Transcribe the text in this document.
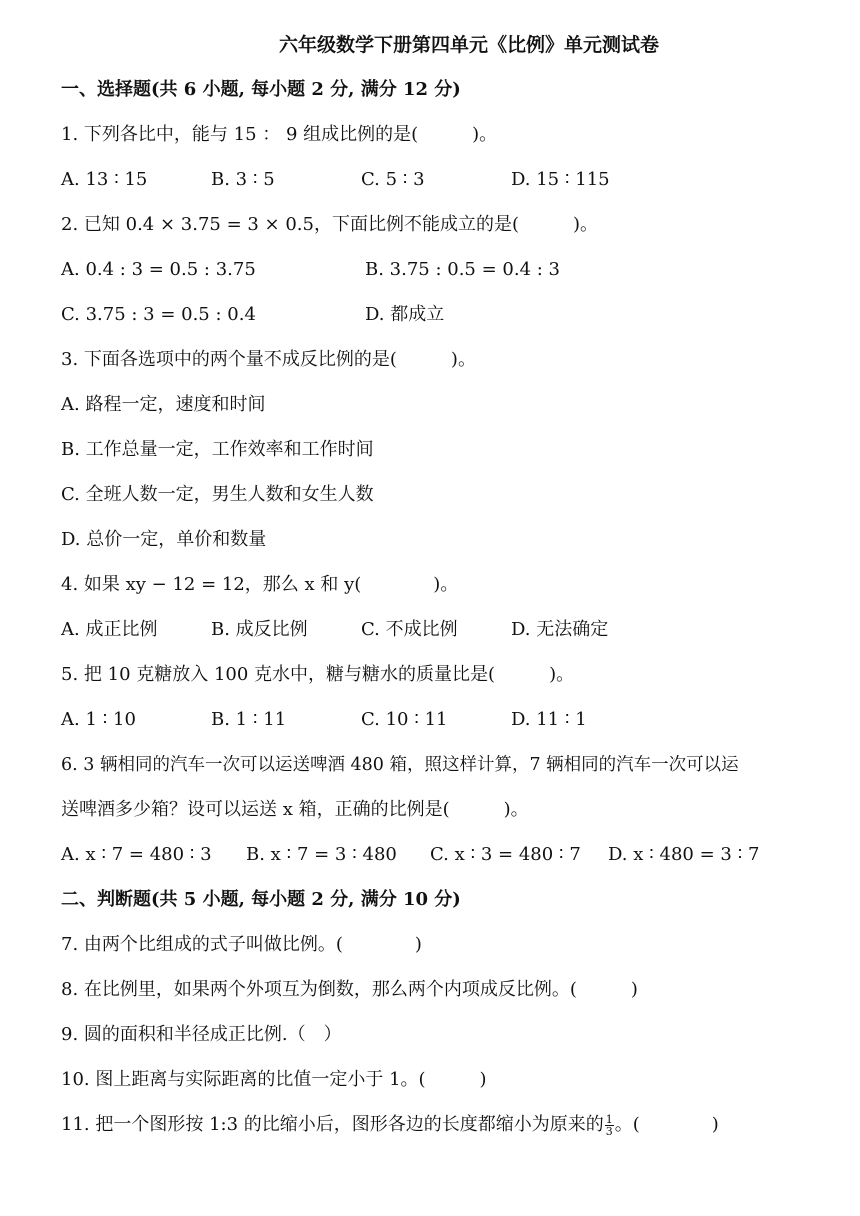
六年级数学下册第四单元《比例》单元测试卷
一、选择题(共 6 小题, 每小题 2 分, 满分 12 分)
1. 下列各比中，能与 15 ： 9 组成比例的是(　　　)。
A. 13 ∶ 15	B. 3 ∶ 5	C. 5 ∶ 3	D. 15 ∶ 115
2. 已知 0.4 × 3.75 = 3 × 0.5，下面比例不能成立的是(　　　)。
A. 0.4 : 3 = 0.5 : 3.75	B. 3.75 : 0.5 = 0.4 : 3
C. 3.75 : 3 = 0.5 : 0.4	D. 都成立
3. 下面各选项中的两个量不成反比例的是(　　　)。
A. 路程一定，速度和时间
B. 工作总量一定，工作效率和工作时间
C. 全班人数一定，男生人数和女生人数
D. 总价一定，单价和数量
4. 如果 xy − 12 = 12，那么 x 和 y(　　　　)。
A. 成正比例	B. 成反比例	C. 不成比例	D. 无法确定
5. 把 10 克糖放入 100 克水中，糖与糖水的质量比是(　　　)。
A. 1 ∶ 10	B. 1 ∶ 11	C. 10 ∶ 11	D. 11 ∶ 1
6. 3 辆相同的汽车一次可以运送啤酒 480 箱，照这样计算，7 辆相同的汽车一次可以运
送啤酒多少箱？设可以运送 x 箱，正确的比例是(　　　)。
A. x ∶ 7 = 480 ∶ 3 B. x ∶ 7 = 3 ∶ 480 C. x ∶ 3 = 480 ∶ 7 D. x ∶ 480 = 3 ∶ 7
二、判断题(共 5 小题, 每小题 2 分, 满分 10 分)
7. 由两个比组成的式子叫做比例。(　　　　)
8. 在比例里，如果两个外项互为倒数，那么两个内项成反比例。(　　　)
9. 圆的面积和半径成正比例.（　）
10. 图上距离与实际距离的比值一定小于 1。(　　　)
11. 把一个图形按 1:3 的比缩小后，图形各边的长度都缩小为原来的 $\frac{1}{3}$ 。(　　　　)
